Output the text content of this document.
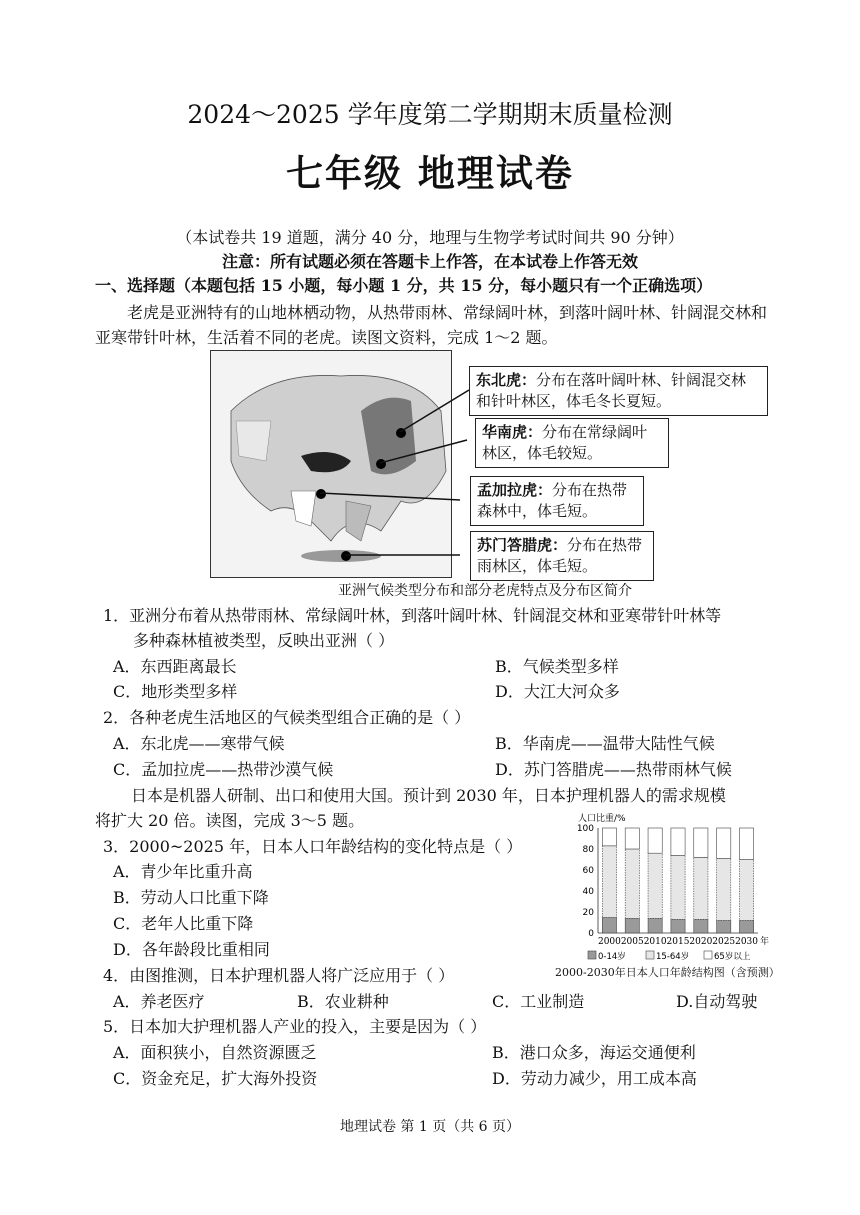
2024～2025 学年度第二学期期末质量检测
七年级 地理试卷
（本试卷共 19 道题，满分 40 分，地理与生物学考试时间共 90 分钟）
注意：所有试题必须在答题卡上作答，在本试卷上作答无效
一、选择题（本题包括 15 小题，每小题 1 分，共 15 分，每小题只有一个正确选项）
老虎是亚洲特有的山地林栖动物，从热带雨林、常绿阔叶林，到落叶阔叶林、针阔混交林和亚寒带针叶林，生活着不同的老虎。读图文资料，完成 1～2 题。
东北虎：分布在落叶阔叶林、针阔混交林和针叶林区，体毛冬长夏短。
华南虎：分布在常绿阔叶林区，体毛较短。
孟加拉虎：分布在热带森林中，体毛短。
苏门答腊虎：分布在热带雨林区，体毛短。
亚洲气候类型分布和部分老虎特点及分布区简介
1．亚洲分布着从热带雨林、常绿阔叶林，到落叶阔叶林、针阔混交林和亚寒带针叶林等
多种森林植被类型，反映出亚洲（ ）
A．东西距离最长	B．气候类型多样
C．地形类型多样	D．大江大河众多
2．各种老虎生活地区的气候类型组合正确的是（ ）
A．东北虎——寒带气候	B．华南虎——温带大陆性气候
C．孟加拉虎——热带沙漠气候	D．苏门答腊虎——热带雨林气候
日本是机器人研制、出口和使用大国。预计到 2030 年，日本护理机器人的需求规模
将扩大 20 倍。读图，完成 3～5 题。
3．2000~2025 年，日本人口年龄结构的变化特点是（ ）
A．青少年比重升高
B．劳动人口比重下降
C．老年人比重下降
D．各年龄段比重相同
人口比重/%
0
20
40
60
80
100
2000 2005 2010 2015 2020 2025 2030 年
0-14岁	15-64岁	65岁以上
2000-2030年日本人口年龄结构图（含预测）
4．由图推测，日本护理机器人将广泛应用于（ ）
A．养老医疗	B．农业耕种	C．工业制造	D.自动驾驶
5．日本加大护理机器人产业的投入，主要是因为（ ）
A．面积狭小，自然资源匮乏	B．港口众多，海运交通便利
C．资金充足，扩大海外投资	D．劳动力减少，用工成本高
地理试卷 第 1 页（共 6 页）
